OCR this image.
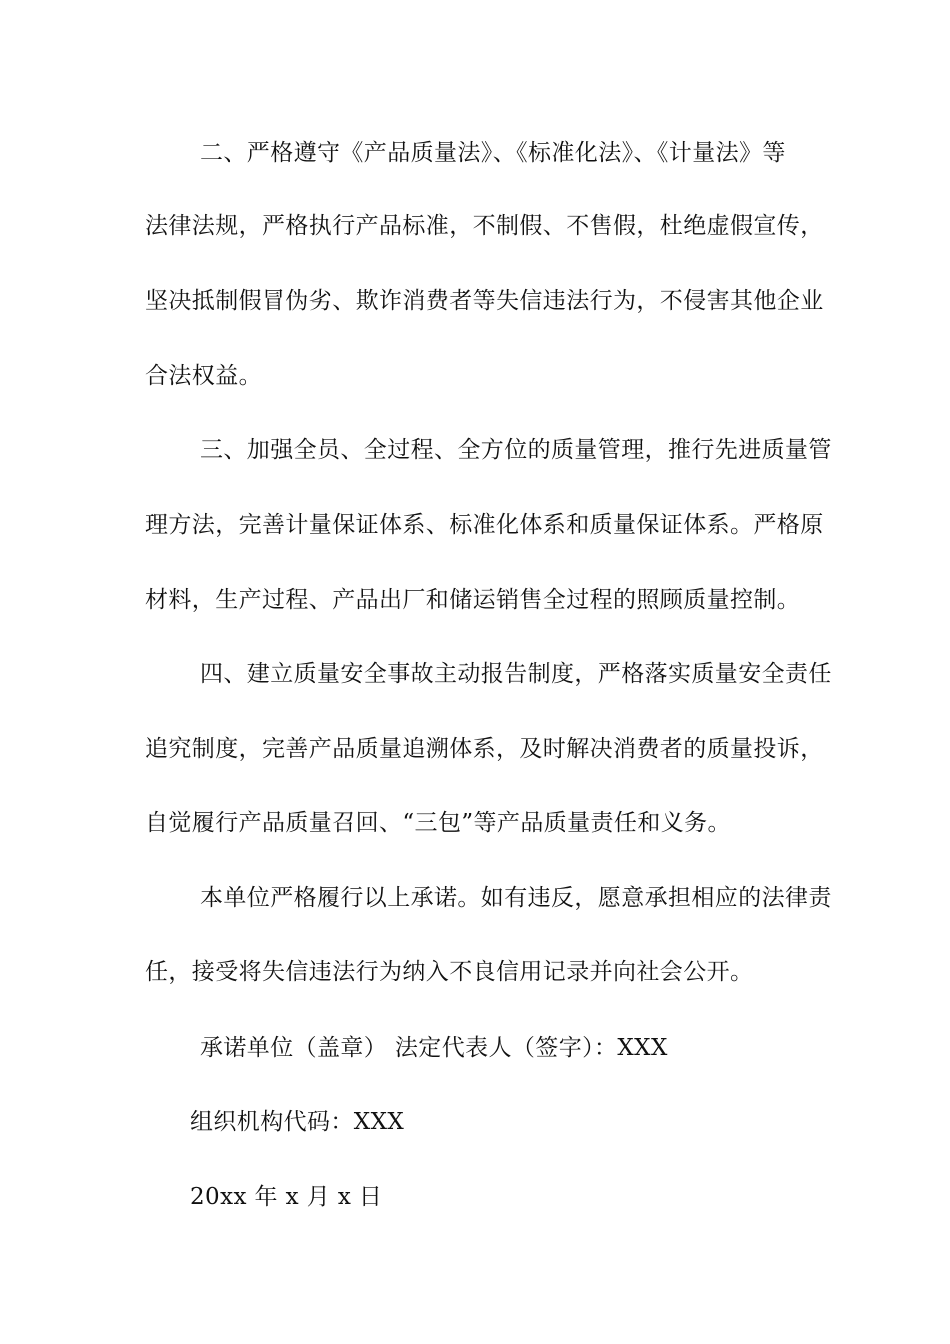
二、严格遵守《产品质量法》、《标准化法》、《计量法》等
法律法规，严格执行产品标准，不制假、不售假，杜绝虚假宣传，
坚决抵制假冒伪劣、欺诈消费者等失信违法行为，不侵害其他企业
合法权益。
三、加强全员、全过程、全方位的质量管理，推行先进质量管
理方法，完善计量保证体系、标准化体系和质量保证体系。严格原
材料，生产过程、产品出厂和储运销售全过程的照顾质量控制。
四、建立质量安全事故主动报告制度，严格落实质量安全责任
追究制度，完善产品质量追溯体系，及时解决消费者的质量投诉，
自觉履行产品质量召回、“三包”等产品质量责任和义务。
本单位严格履行以上承诺。如有违反，愿意承担相应的法律责
任，接受将失信违法行为纳入不良信用记录并向社会公开。
承诺单位（盖章） 法定代表人（签字）：XXX
组织机构代码：XXX
20xx 年 x 月 x 日
